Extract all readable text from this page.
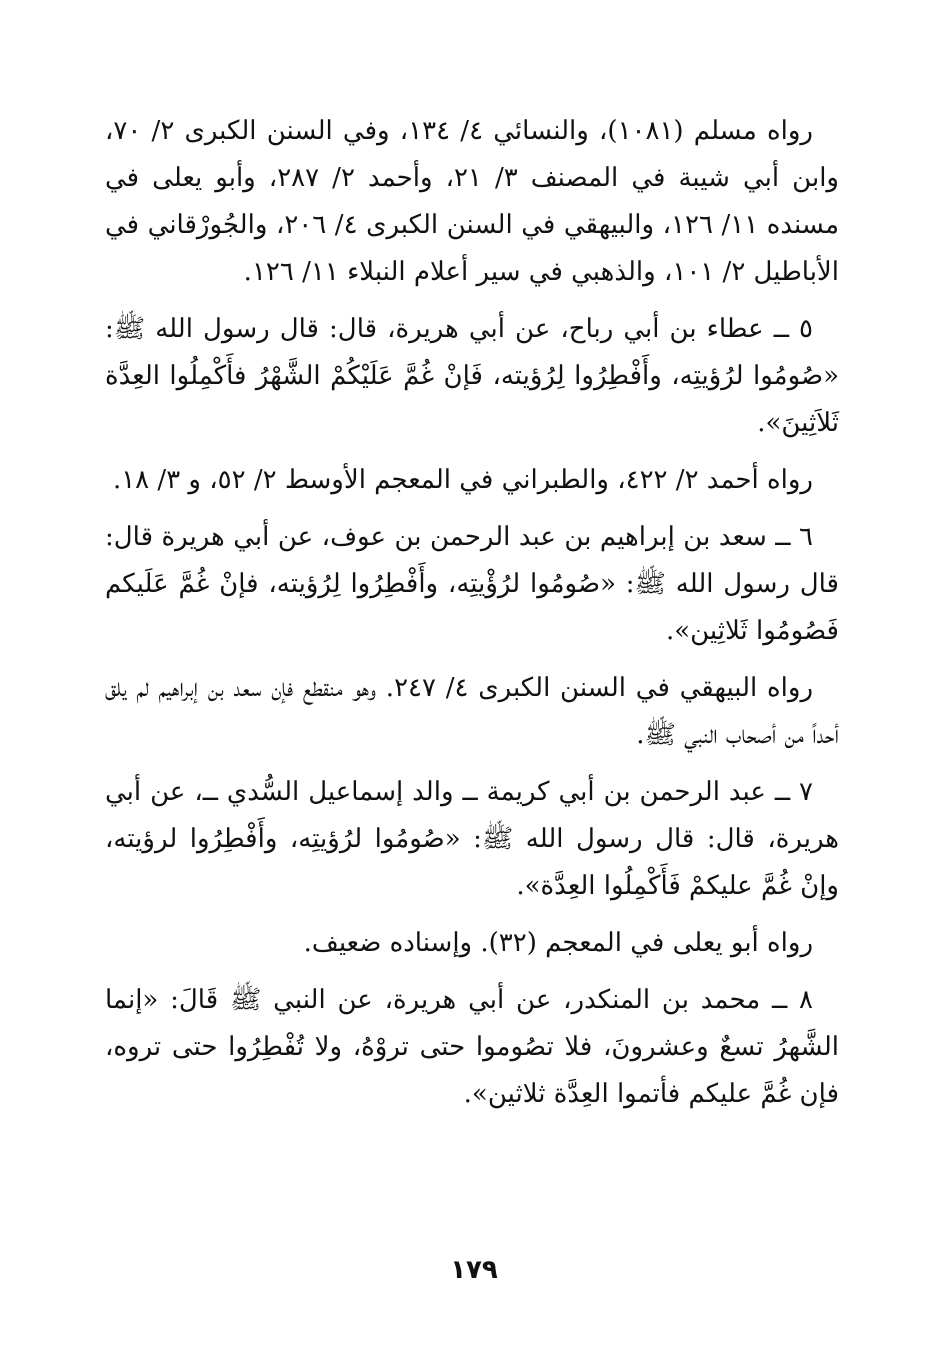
رواه مسلم (١٠٨١)، والنسائي ٤/ ١٣٤، وفي السنن الكبرى ٢/ ٧٠، وابن أبي شيبة في المصنف ٣/ ٢١، وأحمد ٢/ ٢٨٧، وأبو يعلى في مسنده ١١/ ١٢٦، والبيهقي في السنن الكبرى ٤/ ٢٠٦، والجُورْقاني في الأباطيل ٢/ ١٠١، والذهبي في سير أعلام النبلاء ١١/ ١٢٦.

٥ ــ عطاء بن أبي رباح، عن أبي هريرة، قال: قال رسول الله ﷺ: «صُومُوا لرُؤيتِه، وأَفْطِرُوا لِرُؤيته، فَإنْ غُمَّ عَلَيْكُمْ الشَّهْرُ فأَكْمِلُوا العِدَّة ثَلاَثِينَ».

رواه أحمد ٢/ ٤٢٢، والطبراني في المعجم الأوسط ٢/ ٥٢، و ٣/ ١٨.

٦ ــ سعد بن إبراهيم بن عبد الرحمن بن عوف، عن أبي هريرة قال: قال رسول الله ﷺ: «صُومُوا لرُؤْيتِه، وأَفْطِرُوا لِرُؤيته، فإنْ غُمَّ عَلَيكم فَصُومُوا ثَلاثِين».

رواه البيهقي في السنن الكبرى ٤/ ٢٤٧. وهو منقطع فإن سعد بن إبراهيم لم يلق أحداً من أصحاب النبي ﷺ.

٧ ــ عبد الرحمن بن أبي كريمة ــ والد إسماعيل السُّدي ــ، عن أبي هريرة، قال: قال رسول الله ﷺ: «صُومُوا لرُؤيتِه، وأَفْطِرُوا لرؤيته، وإنْ غُمَّ عليكمْ فَأَكْمِلُوا العِدَّة».

رواه أبو يعلى في المعجم (٣٢). وإسناده ضعيف.

٨ ــ محمد بن المنكدر، عن أبي هريرة، عن النبي ﷺ قَالَ: «إنما الشَّهرُ تسعٌ وعشرونَ، فلا تصُوموا حتى تروْهُ، ولا تُفْطِرُوا حتى تروه، فإن غُمَّ عليكم فأتموا العِدَّة ثلاثين».

١٧٩
